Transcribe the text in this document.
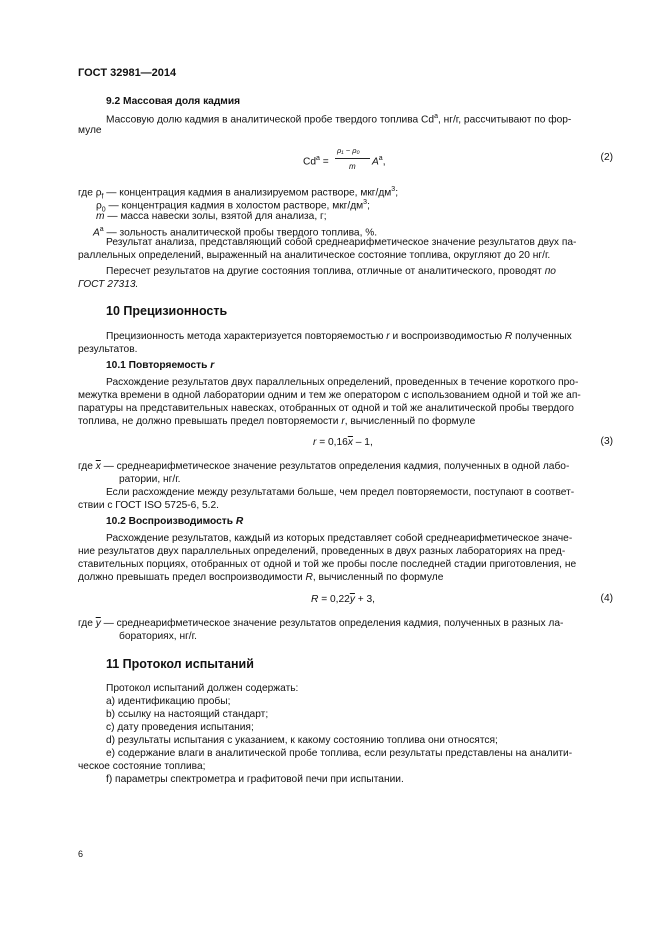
ГОСТ 32981—2014
9.2 Массовая доля кадмия
Массовую долю кадмия в аналитической пробе твердого топлива Cd$^a$, нг/г, рассчитывают по фор-
муле
$Cd^a$ =
ρ₁ − ρ₀
m $A^a$,	(2)
где $\rho_f$ — концентрация кадмия в анализируемом растворе, мкг/$дм^3$;
$\rho_0$ — концентрация кадмия в холостом растворе, мкг/$дм^3$;
m — масса навески золы, взятой для анализа, г;
$A^a$ — зольность аналитической пробы твердого топлива, %.
Результат анализа, представляющий собой среднеарифметическое значение результатов двух па-
раллельных определений, выраженный на аналитическое состояние топлива, округляют до 20 нг/г.
Пересчет результатов на другие состояния топлива, отличные от аналитического, проводят по
ГОСТ 27313.
10 Прецизионность
Прецизионность метода характеризуется повторяемостью r и воспроизводимостью R полученных
результатов.
10.1 Повторяемость r
Расхождение результатов двух параллельных определений, проведенных в течение короткого про-
межутка времени в одной лаборатории одним и тем же оператором с использованием одной и той же ап-
паратуры на представительных навесках, отобранных от одной и той же аналитической пробы твердого
топлива, не должно превышать предел повторяемости r, вычисленный по формуле
$r = 0,16\overline{x} - 1$,	(3)
где $\overline{x}$ — среднеарифметическое значение результатов определения кадмия, полученных в одной лабо-
ратории, нг/г.
Если расхождение между результатами больше, чем предел повторяемости, поступают в соответ-
ствии с ГОСТ ISO 5725-6, 5.2.
10.2 Воспроизводимость R
Расхождение результатов, каждый из которых представляет собой среднеарифметическое значе-
ние результатов двух параллельных определений, проведенных в двух разных лабораториях на пред-
ставительных порциях, отобранных от одной и той же пробы после последней стадии приготовления, не
должно превышать предел воспроизводимости R, вычисленный по формуле
$R = 0,22\overline{y} + 3$,	(4)
где $\overline{y}$ — среднеарифметическое значение результатов определения кадмия, полученных в разных ла-
бораториях, нг/г.
11 Протокол испытаний
Протокол испытаний должен содержать:
a) идентификацию пробы;
b) ссылку на настоящий стандарт;
c) дату проведения испытания;
d) результаты испытания с указанием, к какому состоянию топлива они относятся;
e) содержание влаги в аналитической пробе топлива, если результаты представлены на аналити-
ческое состояние топлива;
f) параметры спектрометра и графитовой печи при испытании.
6
